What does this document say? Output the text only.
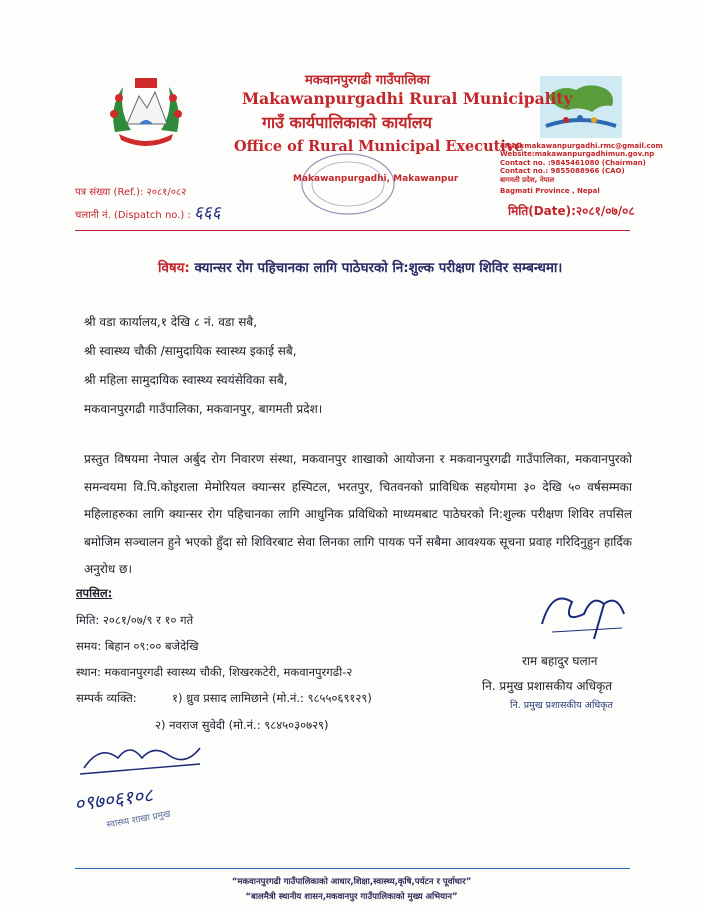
मकवानपुरगढी गाउँपालिका
Makawanpurgadhi Rural Municipality
गाउँ कार्यपालिकाको कार्यालय
Office of Rural Municipal Executive
Makawanpurgadhi, Makawanpur
email:makawanpurgadhi.rmc@gmail.com
Website:makawanpurgadhimun.gov.np
Contact no. :9845461080 (Chairman)
Contact no.: 9855088966 (CAO)
बागमती प्रदेश, नेपाल
Bagmati Province , Nepal
पत्र संख्या (Ref.): २०८१/०८२
चलानी नं. (Dispatch no.) : ६६६	मिति(Date):२०८१/०७/०८
विषय: क्यान्सर रोग पहिचानका लागि पाठेघरको नि:शुल्क परीक्षण शिविर सम्बन्धमा।
श्री वडा कार्यालय,१ देखि ८ नं. वडा सबै,
श्री स्वास्थ्य चौकी /सामुदायिक स्वास्थ्य इकाई सबै,
श्री महिला सामुदायिक स्वास्थ्य स्वयंसेविका सबै,
मकवानपुरगढी गाउँपालिका, मकवानपुर, बागमती प्रदेश।
प्रस्तुत विषयमा नेपाल अर्बुद रोग निवारण संस्था, मकवानपुर शाखाको आयोजना र मकवानपुरगढी गाउँपालिका, मकवानपुरको समन्वयमा वि.पि.कोइराला मेमोरियल क्यान्सर हस्पिटल, भरतपुर, चितवनको प्राविधिक सहयोगमा ३० देखि ५० वर्षसम्मका महिलाहरुका लागि क्यान्सर रोग पहिचानका लागि आधुनिक प्रविधिको माध्यमबाट पाठेघरको नि:शुल्क परीक्षण शिविर तपसिल बमोजिम सञ्चालन हुने भएको हुँदा सो शिविरबाट सेवा लिनका लागि पायक पर्ने सबैमा आवश्यक सूचना प्रवाह गरिदिनुहुन हार्दिक अनुरोध छ।
तपसिल:
मिति: २०८१/०७/९ र १० गते
समय: बिहान ०९:०० बजेदेखि
स्थान: मकवानपुरगढी स्वास्थ्य चौकी, शिखरकटेरी, मकवानपुरगढी-२
सम्पर्क व्यक्ति:	१) ध्रुव प्रसाद लामिछाने (मो.नं.: ९८५५०६९१२९)
२) नवराज सुवेदी (मो.नं.: ९८४५०३०७२९)
राम बहादुर घलान
नि. प्रमुख प्रशासकीय अधिकृत
नि. प्रमुख प्रशासकीय अधिकृत
०९७०६१०८
स्वास्थ्य शाखा प्रमुख
“मकवानपुरगढी गाउँपालिकाको आधार,शिक्षा,स्वास्थ्य,कृषि,पर्यटन र पूर्वाधार”
“बालमैत्री स्थानीय शासन,मकवानपुर गाउँपालिकाको मुख्य अभियान”
